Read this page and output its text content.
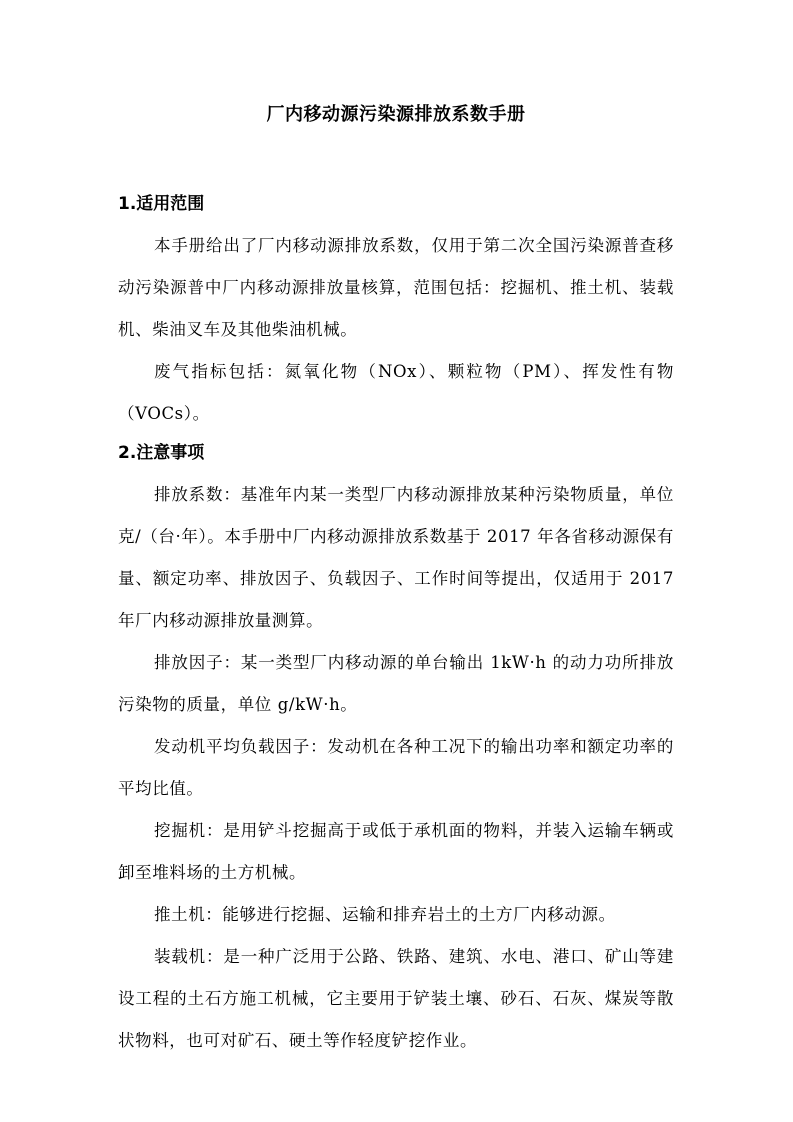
厂内移动源污染源排放系数手册
1.适用范围

本手册给出了厂内移动源排放系数，仅用于第二次全国污染源普查移动污染源普中厂内移动源排放量核算，范围包括：挖掘机、推土机、装载机、柴油叉车及其他柴油机械。

废气指标包括：氮氧化物（NOx）、颗粒物（PM）、挥发性有物（VOCs）。

2.注意事项

排放系数：基准年内某一类型厂内移动源排放某种污染物质量，单位克/（台·年）。本手册中厂内移动源排放系数基于 2017 年各省移动源保有量、额定功率、排放因子、负载因子、工作时间等提出，仅适用于 2017 年厂内移动源排放量测算。

排放因子：某一类型厂内移动源的单台输出 1kW·h 的动力功所排放污染物的质量，单位 g/kW·h。

发动机平均负载因子：发动机在各种工况下的输出功率和额定功率的平均比值。

挖掘机：是用铲斗挖掘高于或低于承机面的物料，并装入运输车辆或卸至堆料场的土方机械。

推土机：能够进行挖掘、运输和排弃岩土的土方厂内移动源。

装载机：是一种广泛用于公路、铁路、建筑、水电、港口、矿山等建设工程的土石方施工机械，它主要用于铲装土壤、砂石、石灰、煤炭等散状物料，也可对矿石、硬土等作轻度铲挖作业。
